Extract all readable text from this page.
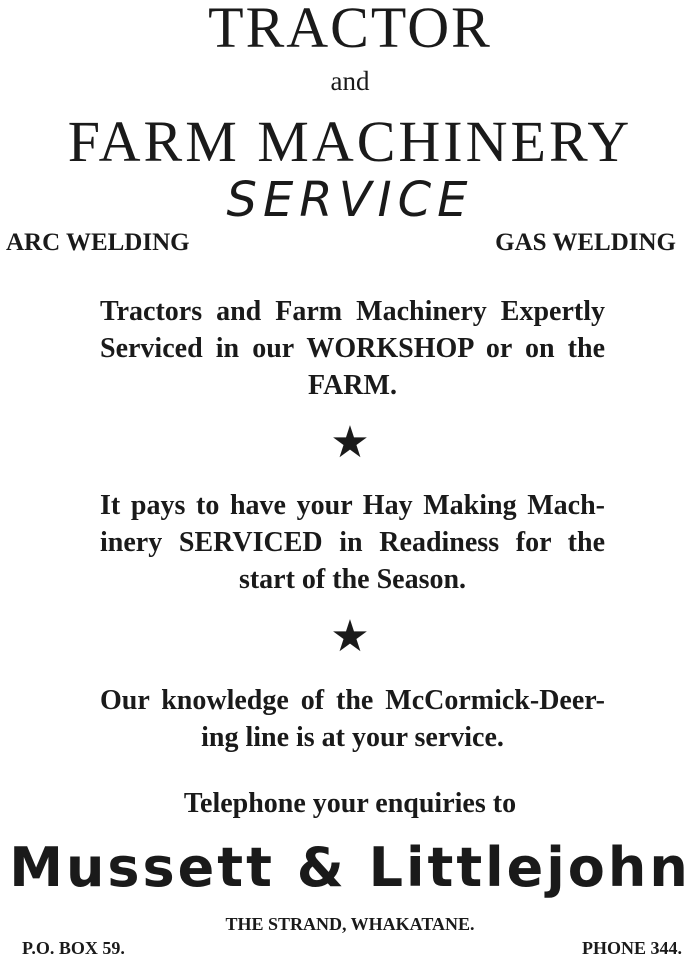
TRACTOR
and
FARM MACHINERY
SERVICE
ARC WELDING	GAS WELDING
Tractors and Farm Machinery Expertly
Serviced in our WORKSHOP or on the
FARM.
★
It pays to have your Hay Making Mach-
inery SERVICED in Readiness for the
start of the Season.
★
Our knowledge of the McCormick-Deer-
ing line is at your service.
Telephone your enquiries to
Mussett & Littlejohn
THE STRAND, WHAKATANE.
P.O. BOX 59.	PHONE 344.
